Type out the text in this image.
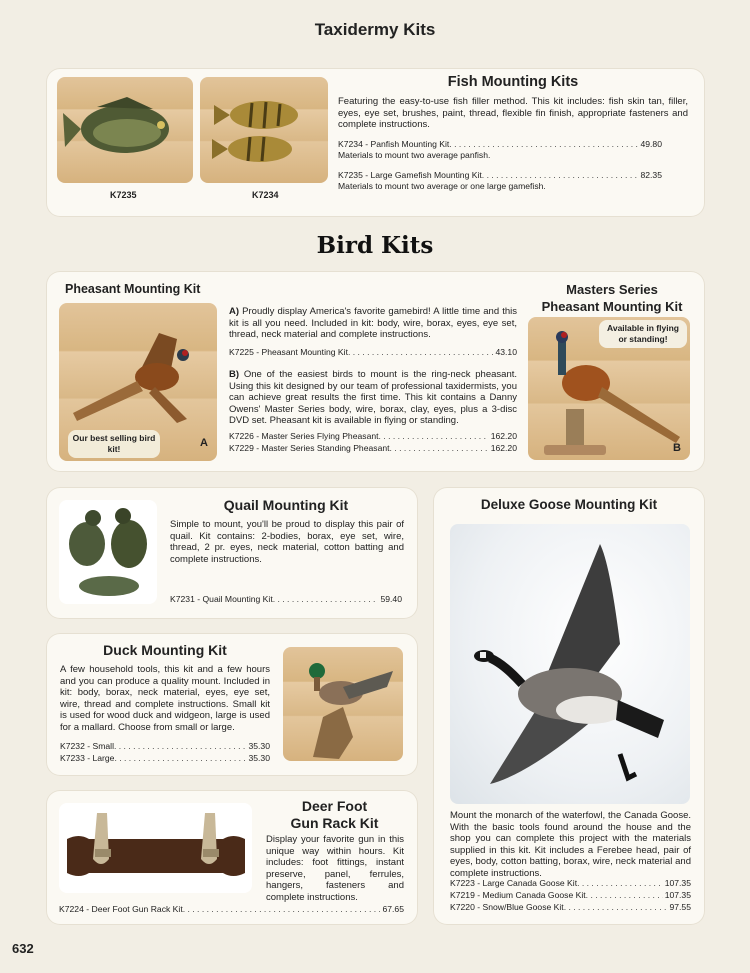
Taxidermy Kits
K7235	K7234
Fish Mounting Kits
Featuring the easy-to-use fish filler method. This kit includes: fish skin tan, filler, eyes, eye set, brushes, paint, thread, flexible fin finish, appropriate fasteners and complete instructions.
K7234 - Panfish Mounting Kit . . .	49.80
Materials to mount two average panfish.
K7235 - Large Gamefish Mounting Kit . . .	82.35
Materials to mount two average or one large gamefish.
Bird Kits
Pheasant Mounting Kit
Our best selling bird kit!	A
A) Proudly display America's favorite gamebird! A little time and this kit is all you need. Included in kit: body, wire, borax, eyes, eye set, thread, neck material and complete instructions.
K7225 - Pheasant Mounting Kit . . .	43.10
B) One of the easiest birds to mount is the ring-neck pheasant. Using this kit designed by our team of professional taxidermists, you can achieve great results the first time. This kit contains a Danny Owens' Master Series body, wire, borax, clay, eyes, plus a 3-disc DVD set. Pheasant kit is available in flying or standing.
K7226 - Master Series Flying Pheasant . . .	162.20
K7229 - Master Series Standing Pheasant . . .	162.20
Masters Series
Pheasant Mounting Kit
Available in flying or standing!
B
Quail Mounting Kit
Simple to mount, you'll be proud to display this pair of quail. Kit contains: 2-bodies, borax, eye set, wire, thread, 2 pr. eyes, neck material, cotton batting and complete instructions.
K7231 - Quail Mounting Kit . . .	59.40
Duck Mounting Kit
A few household tools, this kit and a few hours and you can produce a quality mount. Included in kit: body, borax, neck material, eyes, eye set, wire, thread and complete instructions. Small kit is used for wood duck and widgeon, large is used for a mallard. Choose from small or large.
K7232 - Small . . .	35.30
K7233 - Large . . .	35.30
Deer Foot
Gun Rack Kit
Display your favorite gun in this unique way within hours. Kit includes: foot fittings, instant preserve, panel, ferrules, hangers, fasteners and complete instructions.
K7224 - Deer Foot Gun Rack Kit . . .	67.65
Deluxe Goose Mounting Kit
Mount the monarch of the waterfowl, the Canada Goose. With the basic tools found around the house and the shop you can complete this project with the materials supplied in this kit. Kit includes a Ferebee head, pair of eyes, body, cotton batting, borax, wire, neck material and complete instructions.
K7223 - Large Canada Goose Kit . . .	107.35
K7219 - Medium Canada Goose Kit . . .	107.35
K7220 - Snow/Blue Goose Kit . . .	97.55
632
